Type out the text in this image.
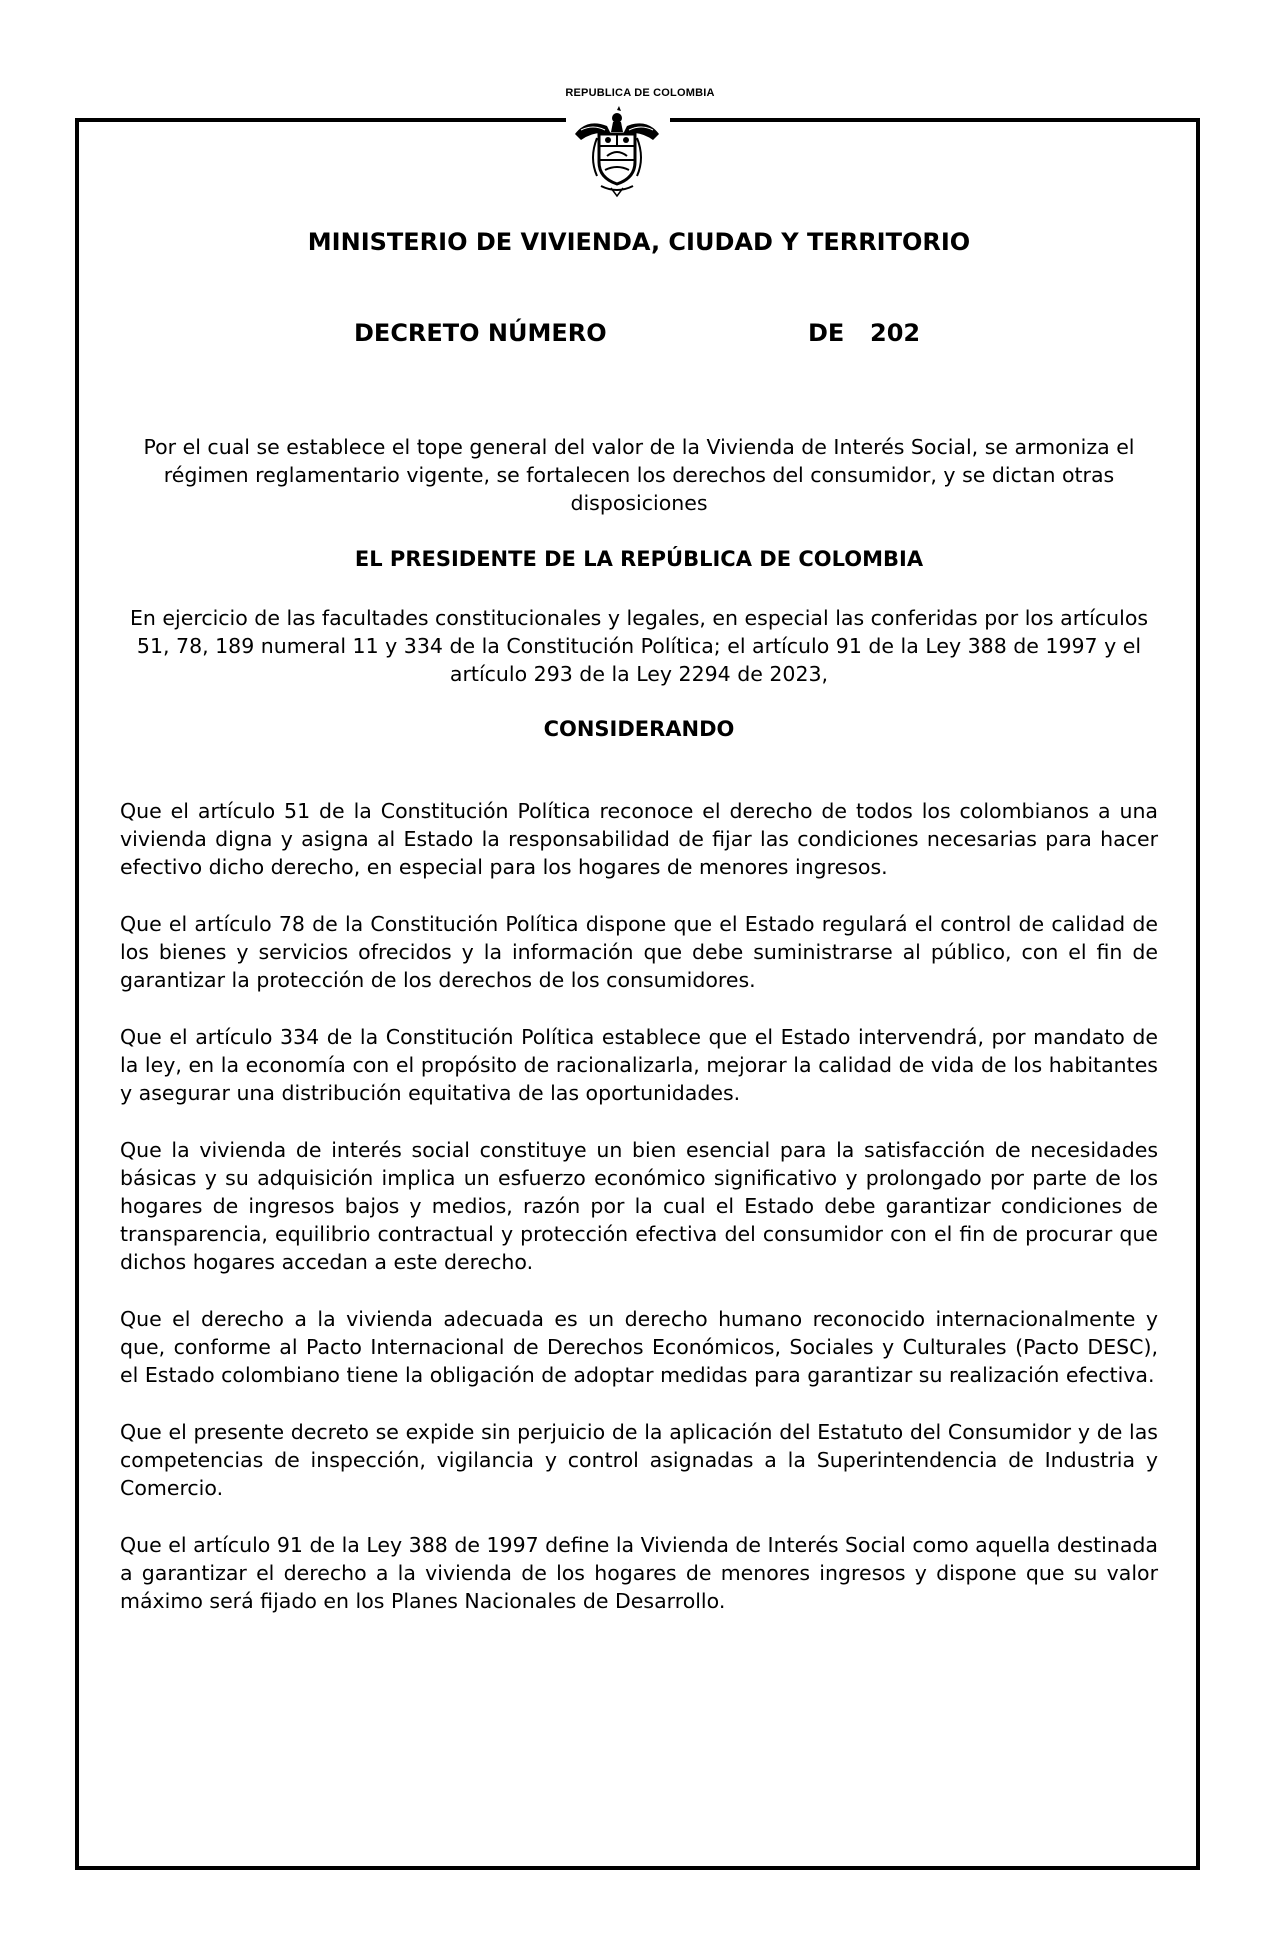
REPUBLICA DE COLOMBIA
MINISTERIO DE VIVIENDA, CIUDAD Y TERRITORIO
DECRETO NÚMERO	DE 202
Por el cual se establece el tope general del valor de la Vivienda de Interés Social, se armoniza el régimen reglamentario vigente, se fortalecen los derechos del consumidor, y se dictan otras disposiciones
EL PRESIDENTE DE LA REPÚBLICA DE COLOMBIA
En ejercicio de las facultades constitucionales y legales, en especial las conferidas por los artículos 51, 78, 189 numeral 11 y 334 de la Constitución Política; el artículo 91 de la Ley 388 de 1997 y el artículo 293 de la Ley 2294 de 2023,
CONSIDERANDO

Que el artículo 51 de la Constitución Política reconoce el derecho de todos los colombianos a una vivienda digna y asigna al Estado la responsabilidad de fijar las condiciones necesarias para hacer efectivo dicho derecho, en especial para los hogares de menores ingresos.

Que el artículo 78 de la Constitución Política dispone que el Estado regulará el control de calidad de los bienes y servicios ofrecidos y la información que debe suministrarse al público, con el fin de garantizar la protección de los derechos de los consumidores.

Que el artículo 334 de la Constitución Política establece que el Estado intervendrá, por mandato de la ley, en la economía con el propósito de racionalizarla, mejorar la calidad de vida de los habitantes y asegurar una distribución equitativa de las oportunidades.

Que la vivienda de interés social constituye un bien esencial para la satisfacción de necesidades básicas y su adquisición implica un esfuerzo económico significativo y prolongado por parte de los hogares de ingresos bajos y medios, razón por la cual el Estado debe garantizar condiciones de transparencia, equilibrio contractual y protección efectiva del consumidor con el fin de procurar que dichos hogares accedan a este derecho.

Que el derecho a la vivienda adecuada es un derecho humano reconocido internacionalmente y que, conforme al Pacto Internacional de Derechos Económicos, Sociales y Culturales (Pacto DESC), el Estado colombiano tiene la obligación de adoptar medidas para garantizar su realización efectiva.

Que el presente decreto se expide sin perjuicio de la aplicación del Estatuto del Consumidor y de las competencias de inspección, vigilancia y control asignadas a la Superintendencia de Industria y Comercio.

Que el artículo 91 de la Ley 388 de 1997 define la Vivienda de Interés Social como aquella destinada a garantizar el derecho a la vivienda de los hogares de menores ingresos y dispone que su valor máximo será fijado en los Planes Nacionales de Desarrollo.
